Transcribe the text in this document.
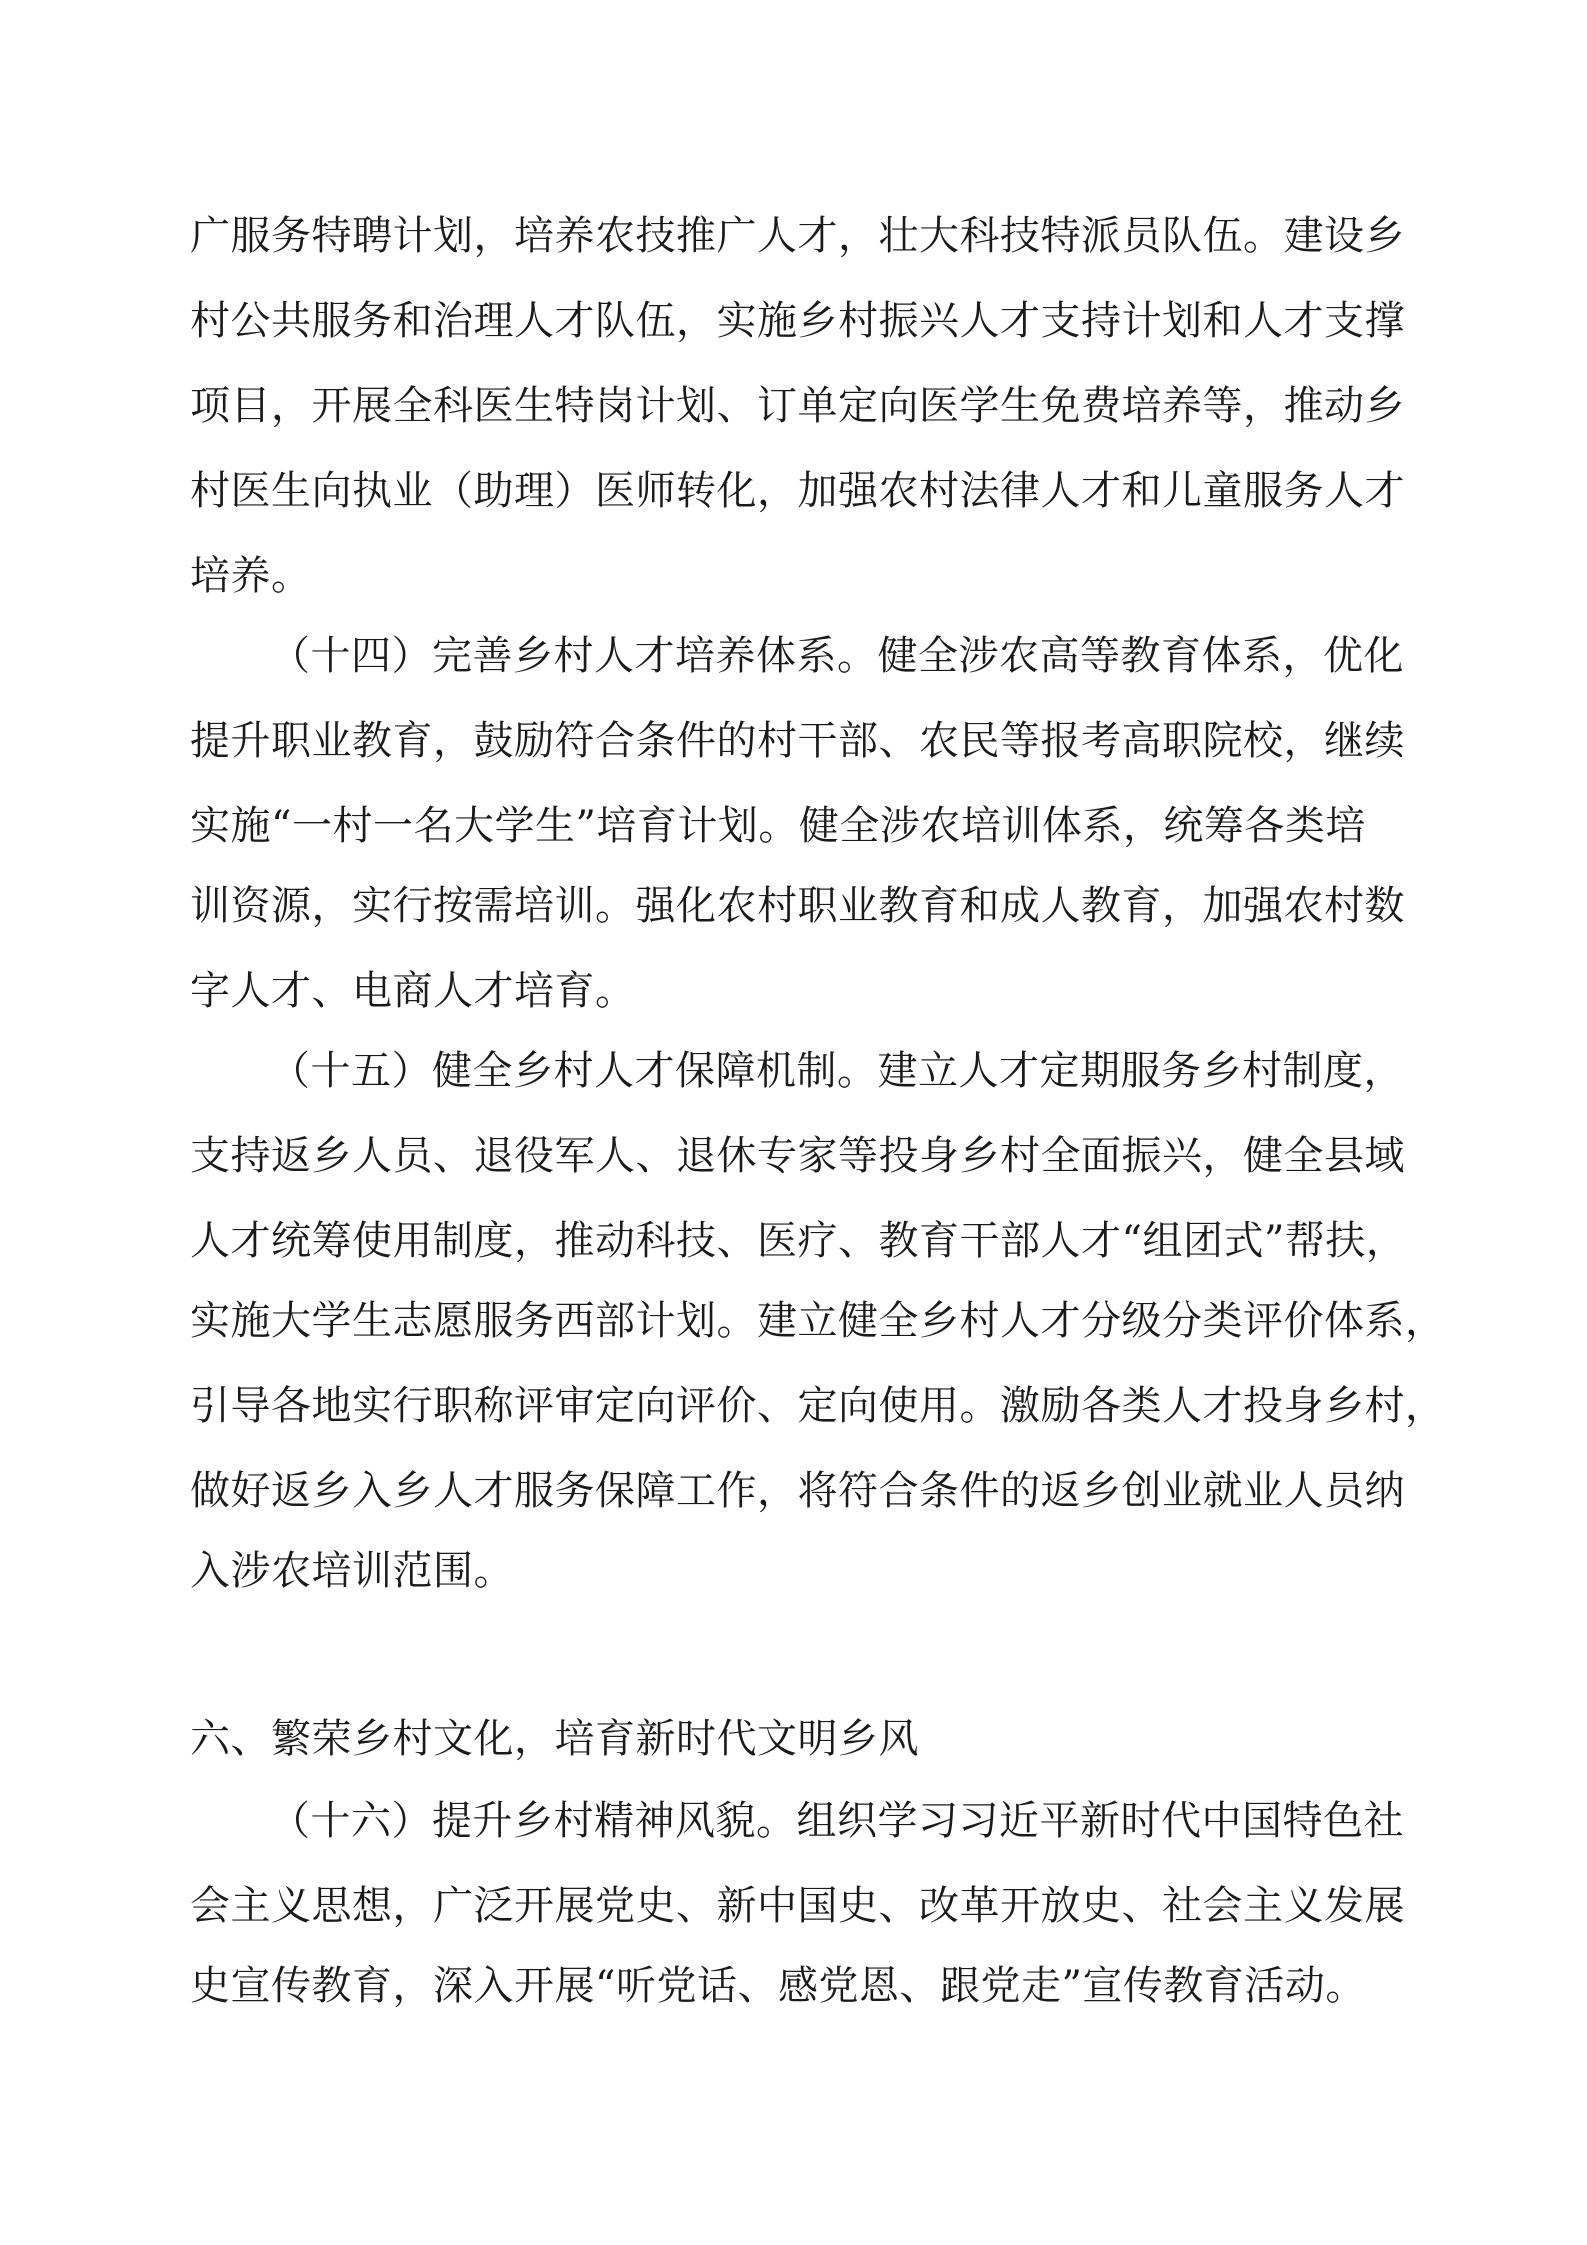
广服务特聘计划，培养农技推广人才，壮大科技特派员队伍。建设乡
村公共服务和治理人才队伍，实施乡村振兴人才支持计划和人才支撑
项目，开展全科医生特岗计划、订单定向医学生免费培养等，推动乡
村医生向执业（助理）医师转化，加强农村法律人才和儿童服务人才
培养。
（十四）完善乡村人才培养体系。健全涉农高等教育体系，优化
提升职业教育，鼓励符合条件的村干部、农民等报考高职院校，继续
实施“一村一名大学生”培育计划。健全涉农培训体系，统筹各类培
训资源，实行按需培训。强化农村职业教育和成人教育，加强农村数
字人才、电商人才培育。
（十五）健全乡村人才保障机制。建立人才定期服务乡村制度，
支持返乡人员、退役军人、退休专家等投身乡村全面振兴，健全县域
人才统筹使用制度，推动科技、医疗、教育干部人才“组团式”帮扶，
实施大学生志愿服务西部计划。建立健全乡村人才分级分类评价体系，
引导各地实行职称评审定向评价、定向使用。激励各类人才投身乡村，
做好返乡入乡人才服务保障工作，将符合条件的返乡创业就业人员纳
入涉农培训范围。
六、繁荣乡村文化，培育新时代文明乡风
（十六）提升乡村精神风貌。组织学习习近平新时代中国特色社
会主义思想，广泛开展党史、新中国史、改革开放史、社会主义发展
史宣传教育，深入开展“听党话、感党恩、跟党走”宣传教育活动。
